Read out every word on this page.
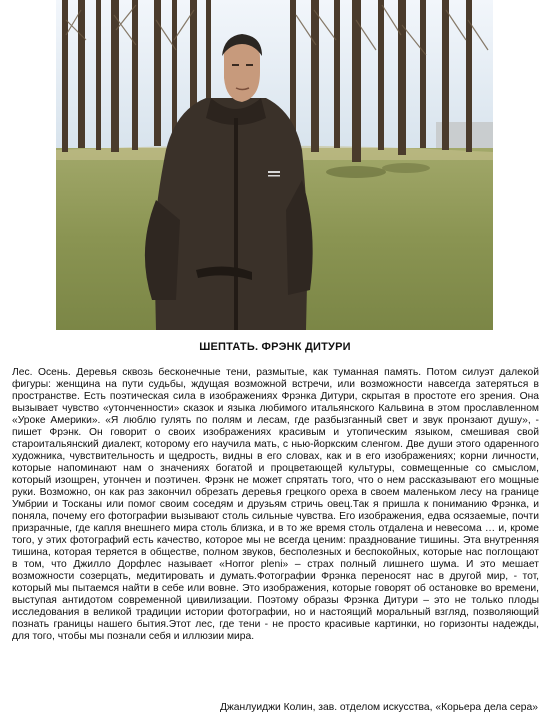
ШЕПТАТЬ. ФРЭНК ДИТУРИ

Лес. Осень. Деревья сквозь бесконечные тени, размытые, как туманная память. Потом силуэт далекой фигуры: женщина на пути судьбы, ждущая возможной встречи, или возможности навсегда затеряться в пространстве. Есть поэтическая сила в изображениях Фрэнка Дитури, скрытая в простоте его зрения. Она вызывает чувство «утонченности» сказок и языка любимого итальянского Кальвина в этом прославленном «Уроке Америки». «Я люблю гулять по полям и лесам, где разбызганный свет и звук пронзают душу», - пишет Фрэнк. Он говорит о своих изображениях красивым и утопическим языком, смешивая свой староитальянский диалект, которому его научила мать, с нью-йоркским сленгом. Две души этого одаренного художника, чувствительность и щедрость, видны в его словах, как и в его изображениях; корни личности, которые напоминают нам о значениях богатой и процветающей культуры, совмещенные со смыслом, который изощрен, утончен и поэтичен. Фрэнк не может спрятать того, что о нем рассказывают его мощные руки. Возможно, он как раз закончил обрезать деревья грецкого ореха в своем маленьком лесу на границе Умбрии и Тосканы или помог своим соседям и друзьям стричь овец.Так я пришла к пониманию Фрэнка, и поняла, почему его фотографии вызывают столь сильные чувства. Его изображения, едва осязаемые, почти призрачные, где капля внешнего мира столь близка, и в то же время столь отдалена и невесома … и, кроме того, у этих фотографий есть качество, которое мы не всегда ценим: празднование тишины. Эта внутренняя тишина, которая теряется в обществе, полном звуков, бесполезных и беспокойных, которые нас поглощают в том, что Джилло Дорфлес называет «Horror pleni» – страх полный лишнего шума. И это мешает возможности созерцать, медитировать и думать.Фотографии Фрэнка переносят нас в другой мир, - тот, который мы пытаемся найти в себе или вовне. Это изображения, которые говорят об остановке во времени, выступая антидотом современной цивилизации. Поэтому образы Фрэнка Дитури – это не только плоды исследования в великой традиции истории фотографии, но и настоящий моральный взгляд, позволяющий познать границы нашего бытия.Этот лес, где тени - не просто красивые картинки, но горизонты надежды, для того, чтобы мы познали себя и иллюзии мира.

Джанлуиджи Колин, зав. отделом искусства, «Корьера дела сера»
